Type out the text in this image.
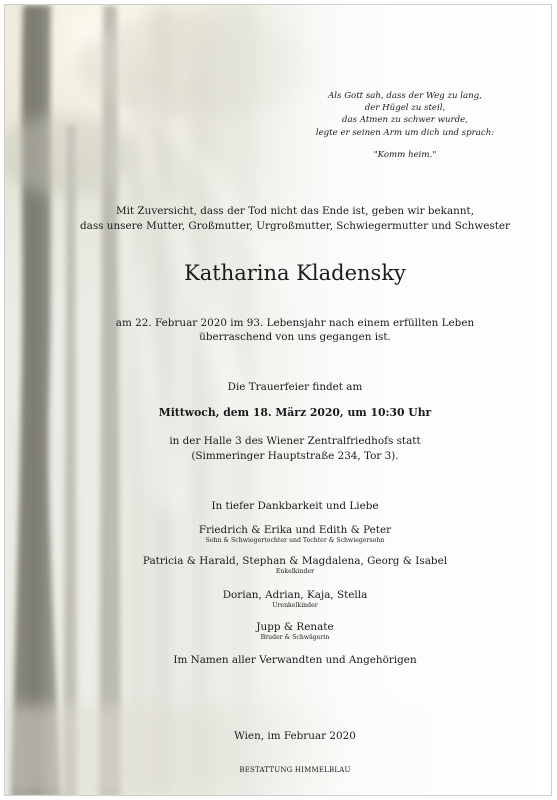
Als Gott sah, dass der Weg zu lang,
der Hügel zu steil,
das Atmen zu schwer wurde,
legte er seinen Arm um dich und sprach:
"Komm heim."
Mit Zuversicht, dass der Tod nicht das Ende ist, geben wir bekannt,
dass unsere Mutter, Großmutter, Urgroßmutter, Schwiegermutter und Schwester
Katharina Kladensky
am 22. Februar 2020 im 93. Lebensjahr nach einem erfüllten Leben
überraschend von uns gegangen ist.
Die Trauerfeier findet am
Mittwoch, dem 18. März 2020, um 10:30 Uhr
in der Halle 3 des Wiener Zentralfriedhofs statt
(Simmeringer Hauptstraße 234, Tor 3).
In tiefer Dankbarkeit und Liebe
Friedrich & Erika und Edith & Peter
Sohn & Schwiegertochter und Tochter & Schwiegersohn
Patricia & Harald, Stephan & Magdalena, Georg & Isabel
Enkelkinder
Dorian, Adrian, Kaja, Stella
Urenkelkinder
Jupp & Renate
Bruder & Schwägerin
Im Namen aller Verwandten und Angehörigen
Wien, im Februar 2020
BESTATTUNG HIMMELBLAU
